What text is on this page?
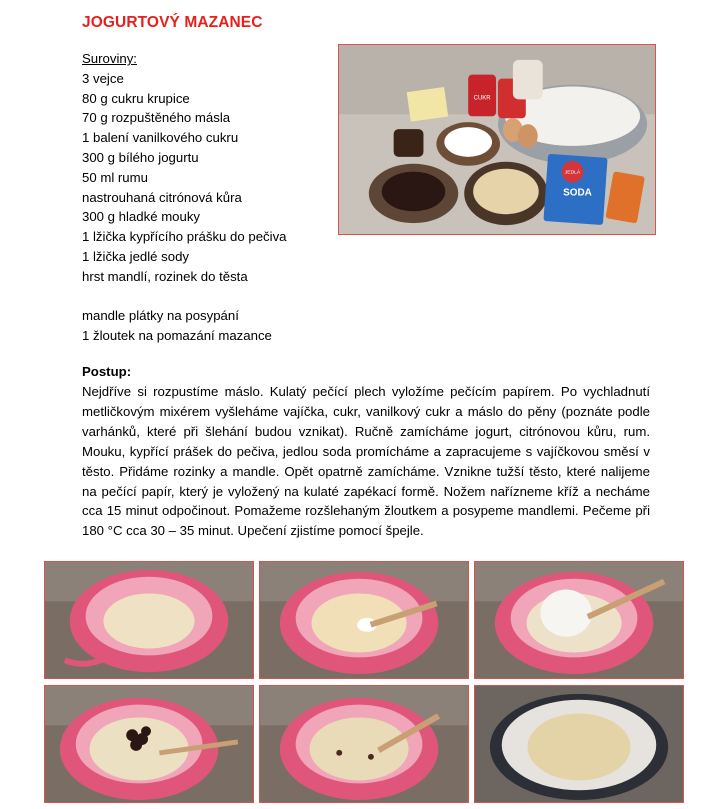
JOGURTOVÝ MAZANEC
Suroviny:
3 vejce
80 g cukru krupice
70 g rozpuštěného másla
1 balení vanilkového cukru
300 g bílého jogurtu
50 ml rumu
nastrouhaná citrónová kůra
300 g hladké mouky
1 lžička kypřícího prášku do pečiva
1 lžička jedlé sody
hrst mandlí, rozinek do těsta
mandle plátky na posypání
1 žloutek na pomazání mazance
Postup:
Nejdříve si rozpustíme máslo. Kulatý pečící plech vyložíme pečícím papírem. Po vychladnutí metličkovým mixérem vyšleháme vajíčka, cukr, vanilkový cukr a máslo do pěny (poznáte podle varhánků, které při šlehání budou vznikat). Ručně zamícháme jogurt, citrónovou kůru, rum. Mouku, kypřící prášek do pečiva, jedlou soda promícháme a zapracujeme s vajíčkovou směsí v těsto. Přidáme rozinky a mandle. Opět opatrně zamícháme. Vznikne tužší těsto, které nalijeme na pečící papír, který je vyložený na kulaté zapékací formě. Nožem nařízneme kříž a necháme cca 15 minut odpočinout. Pomažeme rozšlehaným žloutkem a posypeme mandlemi. Pečeme při 180 °C cca 30 – 35 minut. Upečení zjistíme pomocí špejle.
CUKR
JEDLÁ
SODA
